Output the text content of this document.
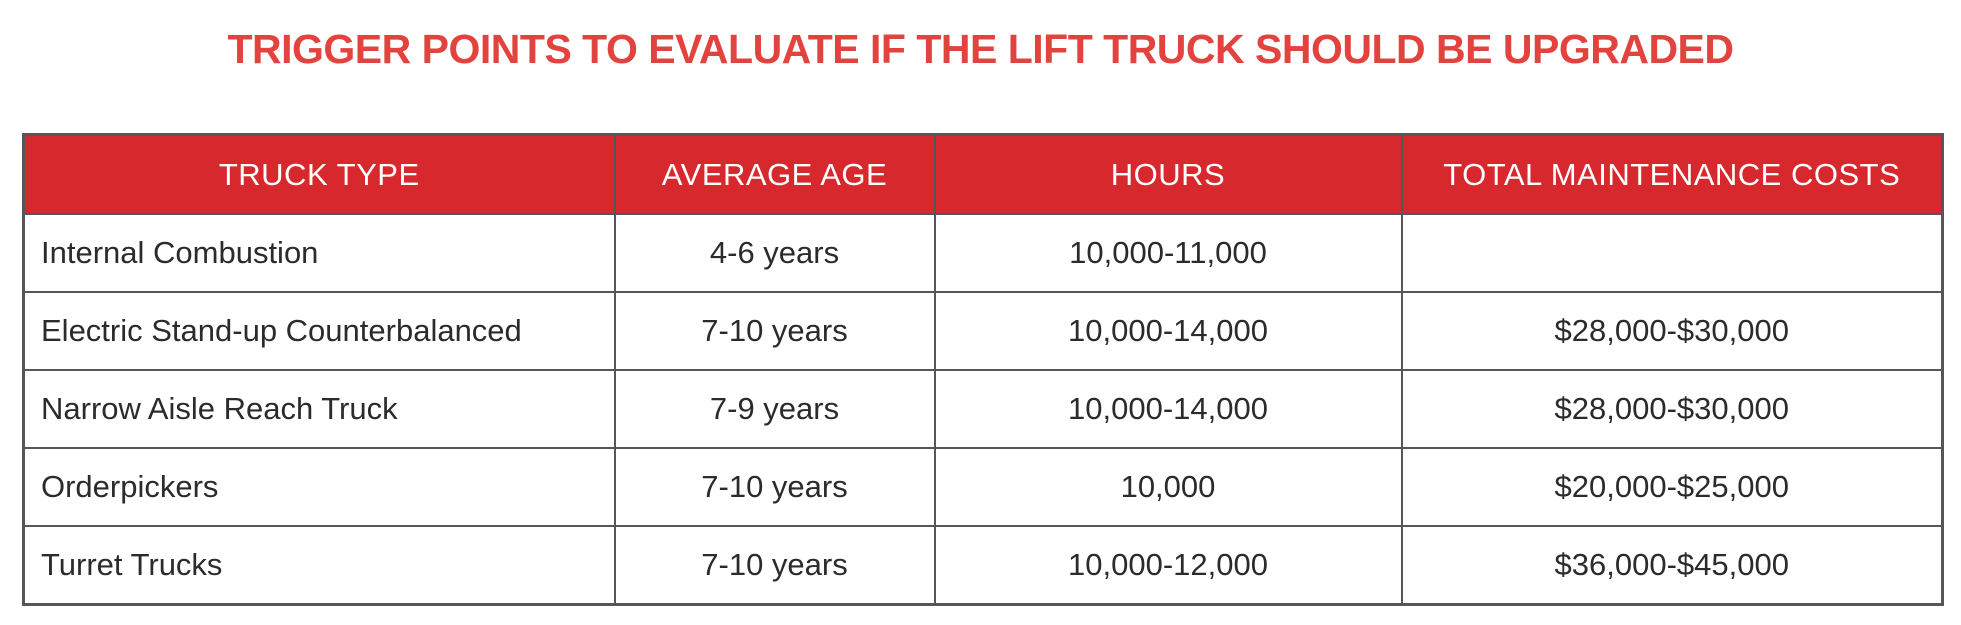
TRIGGER POINTS TO EVALUATE IF THE LIFT TRUCK SHOULD BE UPGRADED
TRUCK TYPE	AVERAGE AGE	HOURS	TOTAL MAINTENANCE COSTS
Internal Combustion	4-6 years	10,000-11,000	
Electric Stand-up Counterbalanced	7-10 years	10,000-14,000	$28,000-$30,000
Narrow Aisle Reach Truck	7-9 years	10,000-14,000	$28,000-$30,000
Orderpickers	7-10 years	10,000	$20,000-$25,000
Turret Trucks	7-10 years	10,000-12,000	$36,000-$45,000
